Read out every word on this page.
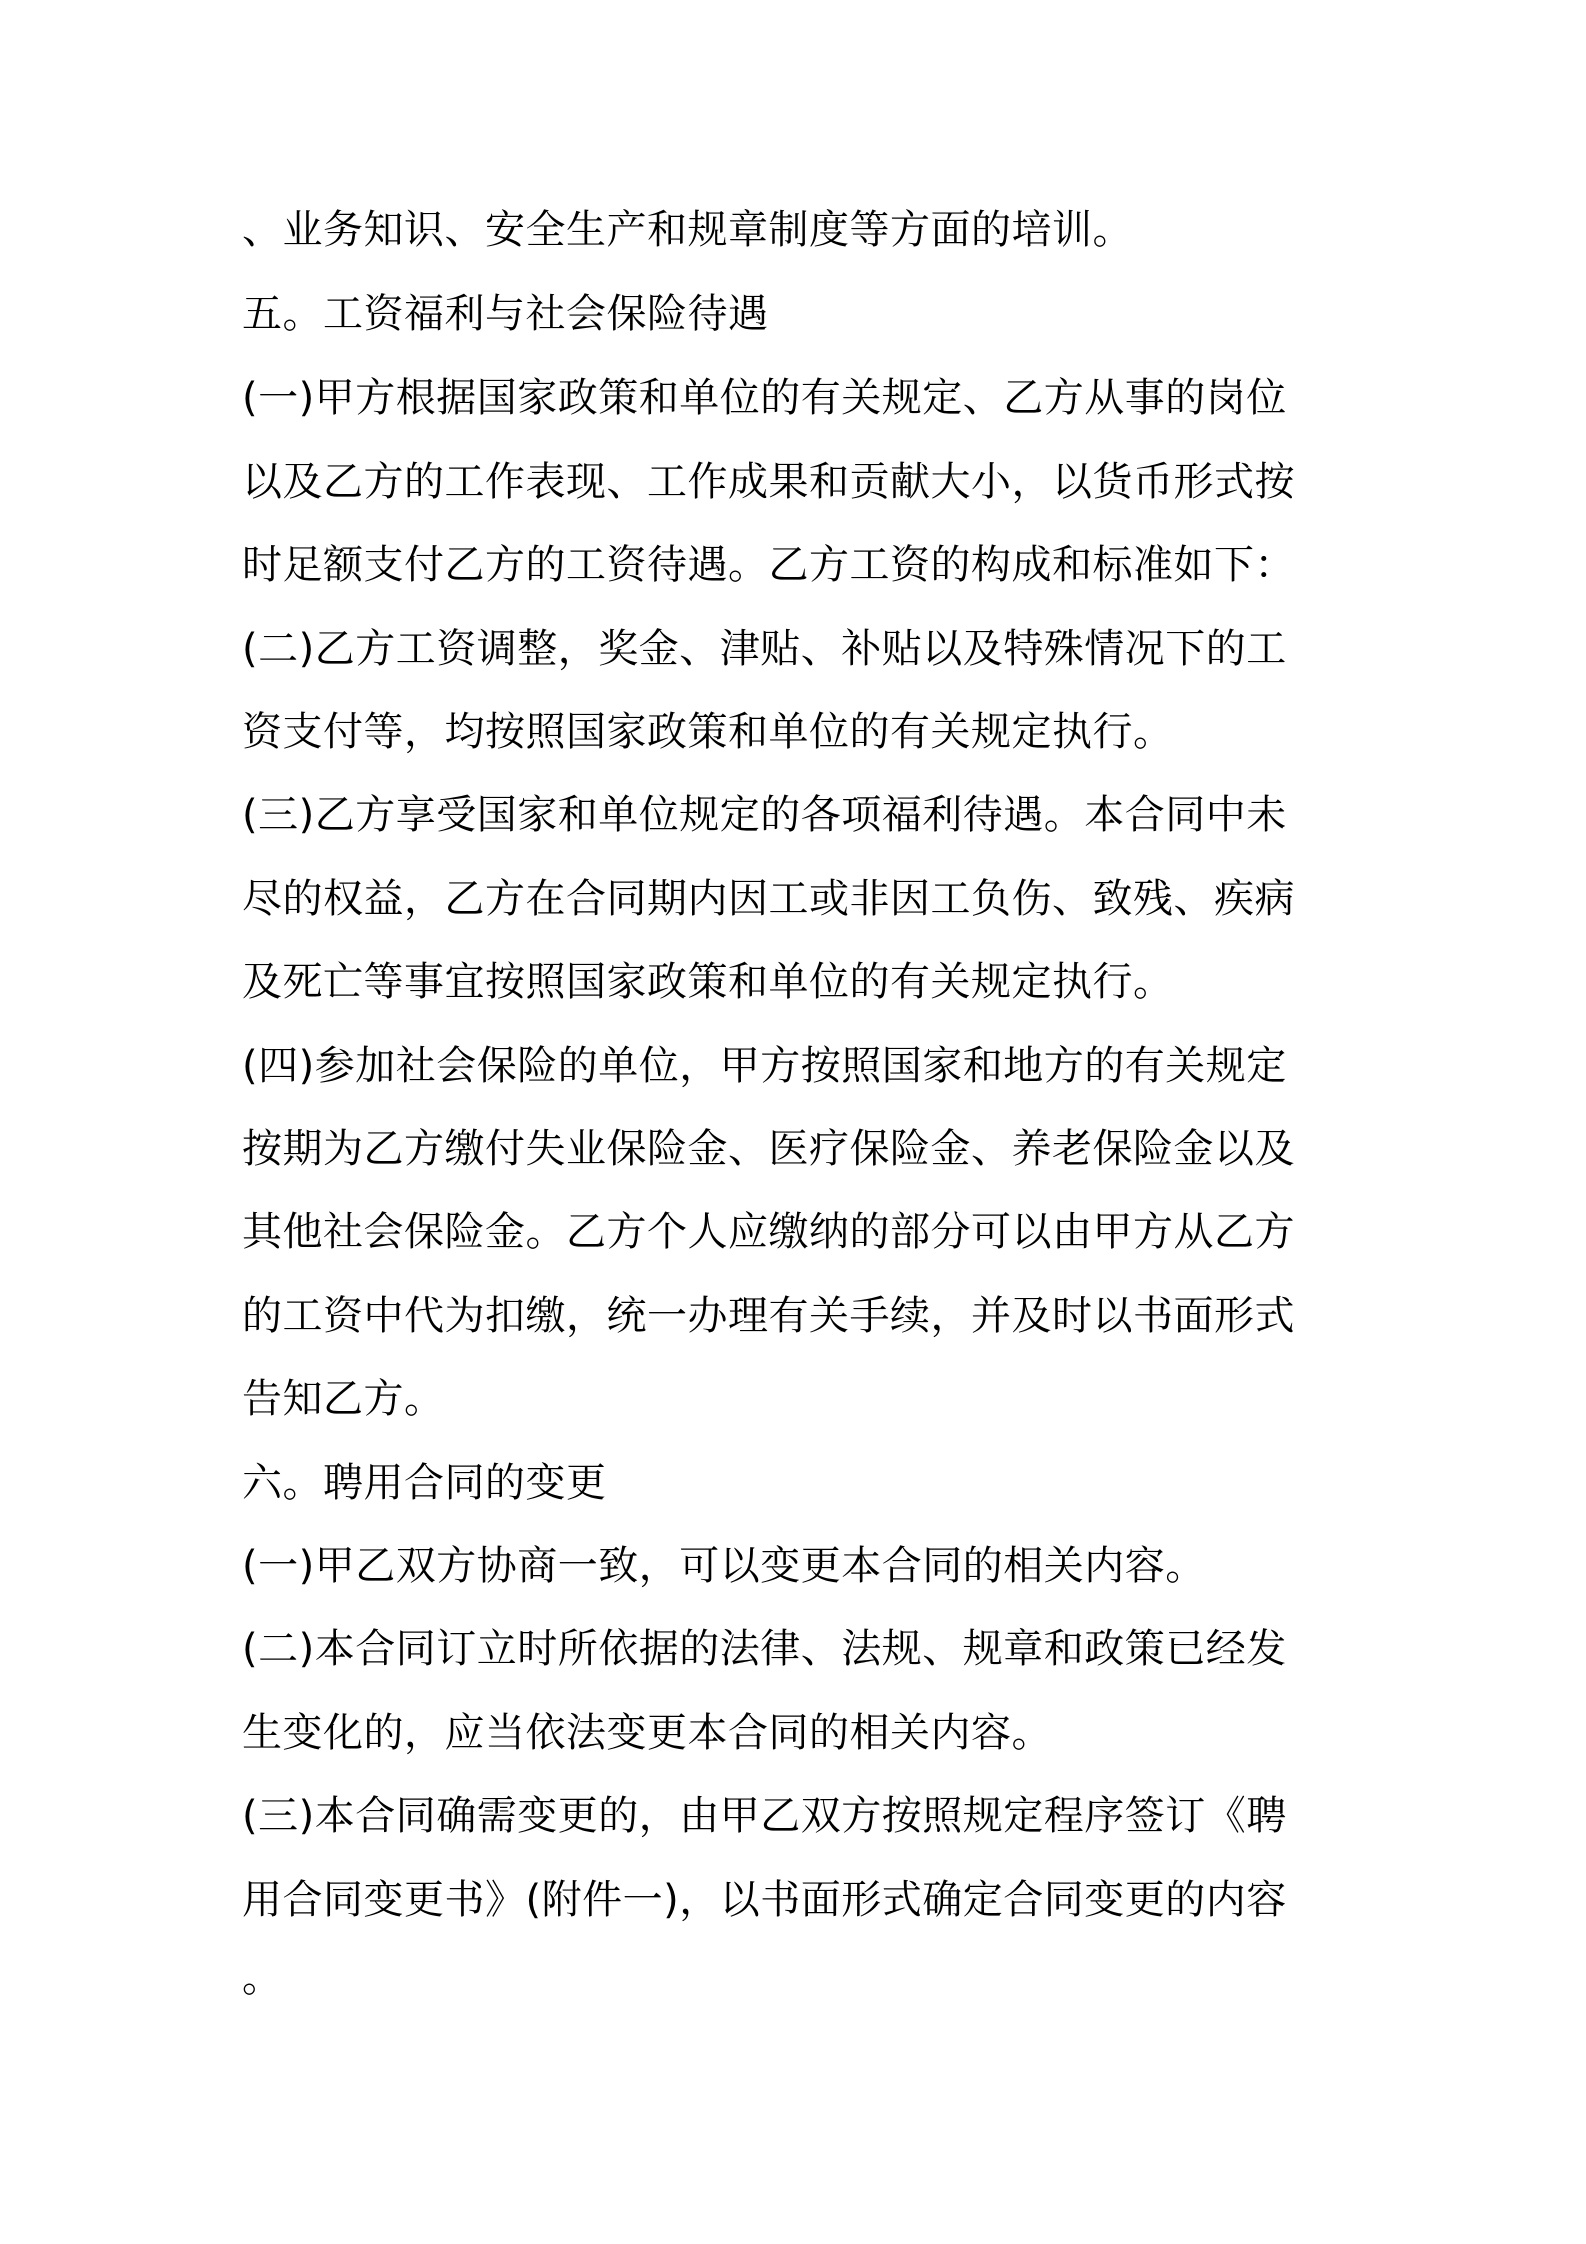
、业务知识、安全生产和规章制度等方面的培训。
五。工资福利与社会保险待遇
(一)甲方根据国家政策和单位的有关规定、乙方从事的岗位
以及乙方的工作表现、工作成果和贡献大小，以货币形式按
时足额支付乙方的工资待遇。乙方工资的构成和标准如下：
(二)乙方工资调整，奖金、津贴、补贴以及特殊情况下的工
资支付等，均按照国家政策和单位的有关规定执行。
(三)乙方享受国家和单位规定的各项福利待遇。本合同中未
尽的权益，乙方在合同期内因工或非因工负伤、致残、疾病
及死亡等事宜按照国家政策和单位的有关规定执行。
(四)参加社会保险的单位，甲方按照国家和地方的有关规定
按期为乙方缴付失业保险金、医疗保险金、养老保险金以及
其他社会保险金。乙方个人应缴纳的部分可以由甲方从乙方
的工资中代为扣缴，统一办理有关手续，并及时以书面形式
告知乙方。
六。聘用合同的变更
(一)甲乙双方协商一致，可以变更本合同的相关内容。
(二)本合同订立时所依据的法律、法规、规章和政策已经发
生变化的，应当依法变更本合同的相关内容。
(三)本合同确需变更的，由甲乙双方按照规定程序签订《聘
用合同变更书》(附件一)，以书面形式确定合同变更的内容
。
